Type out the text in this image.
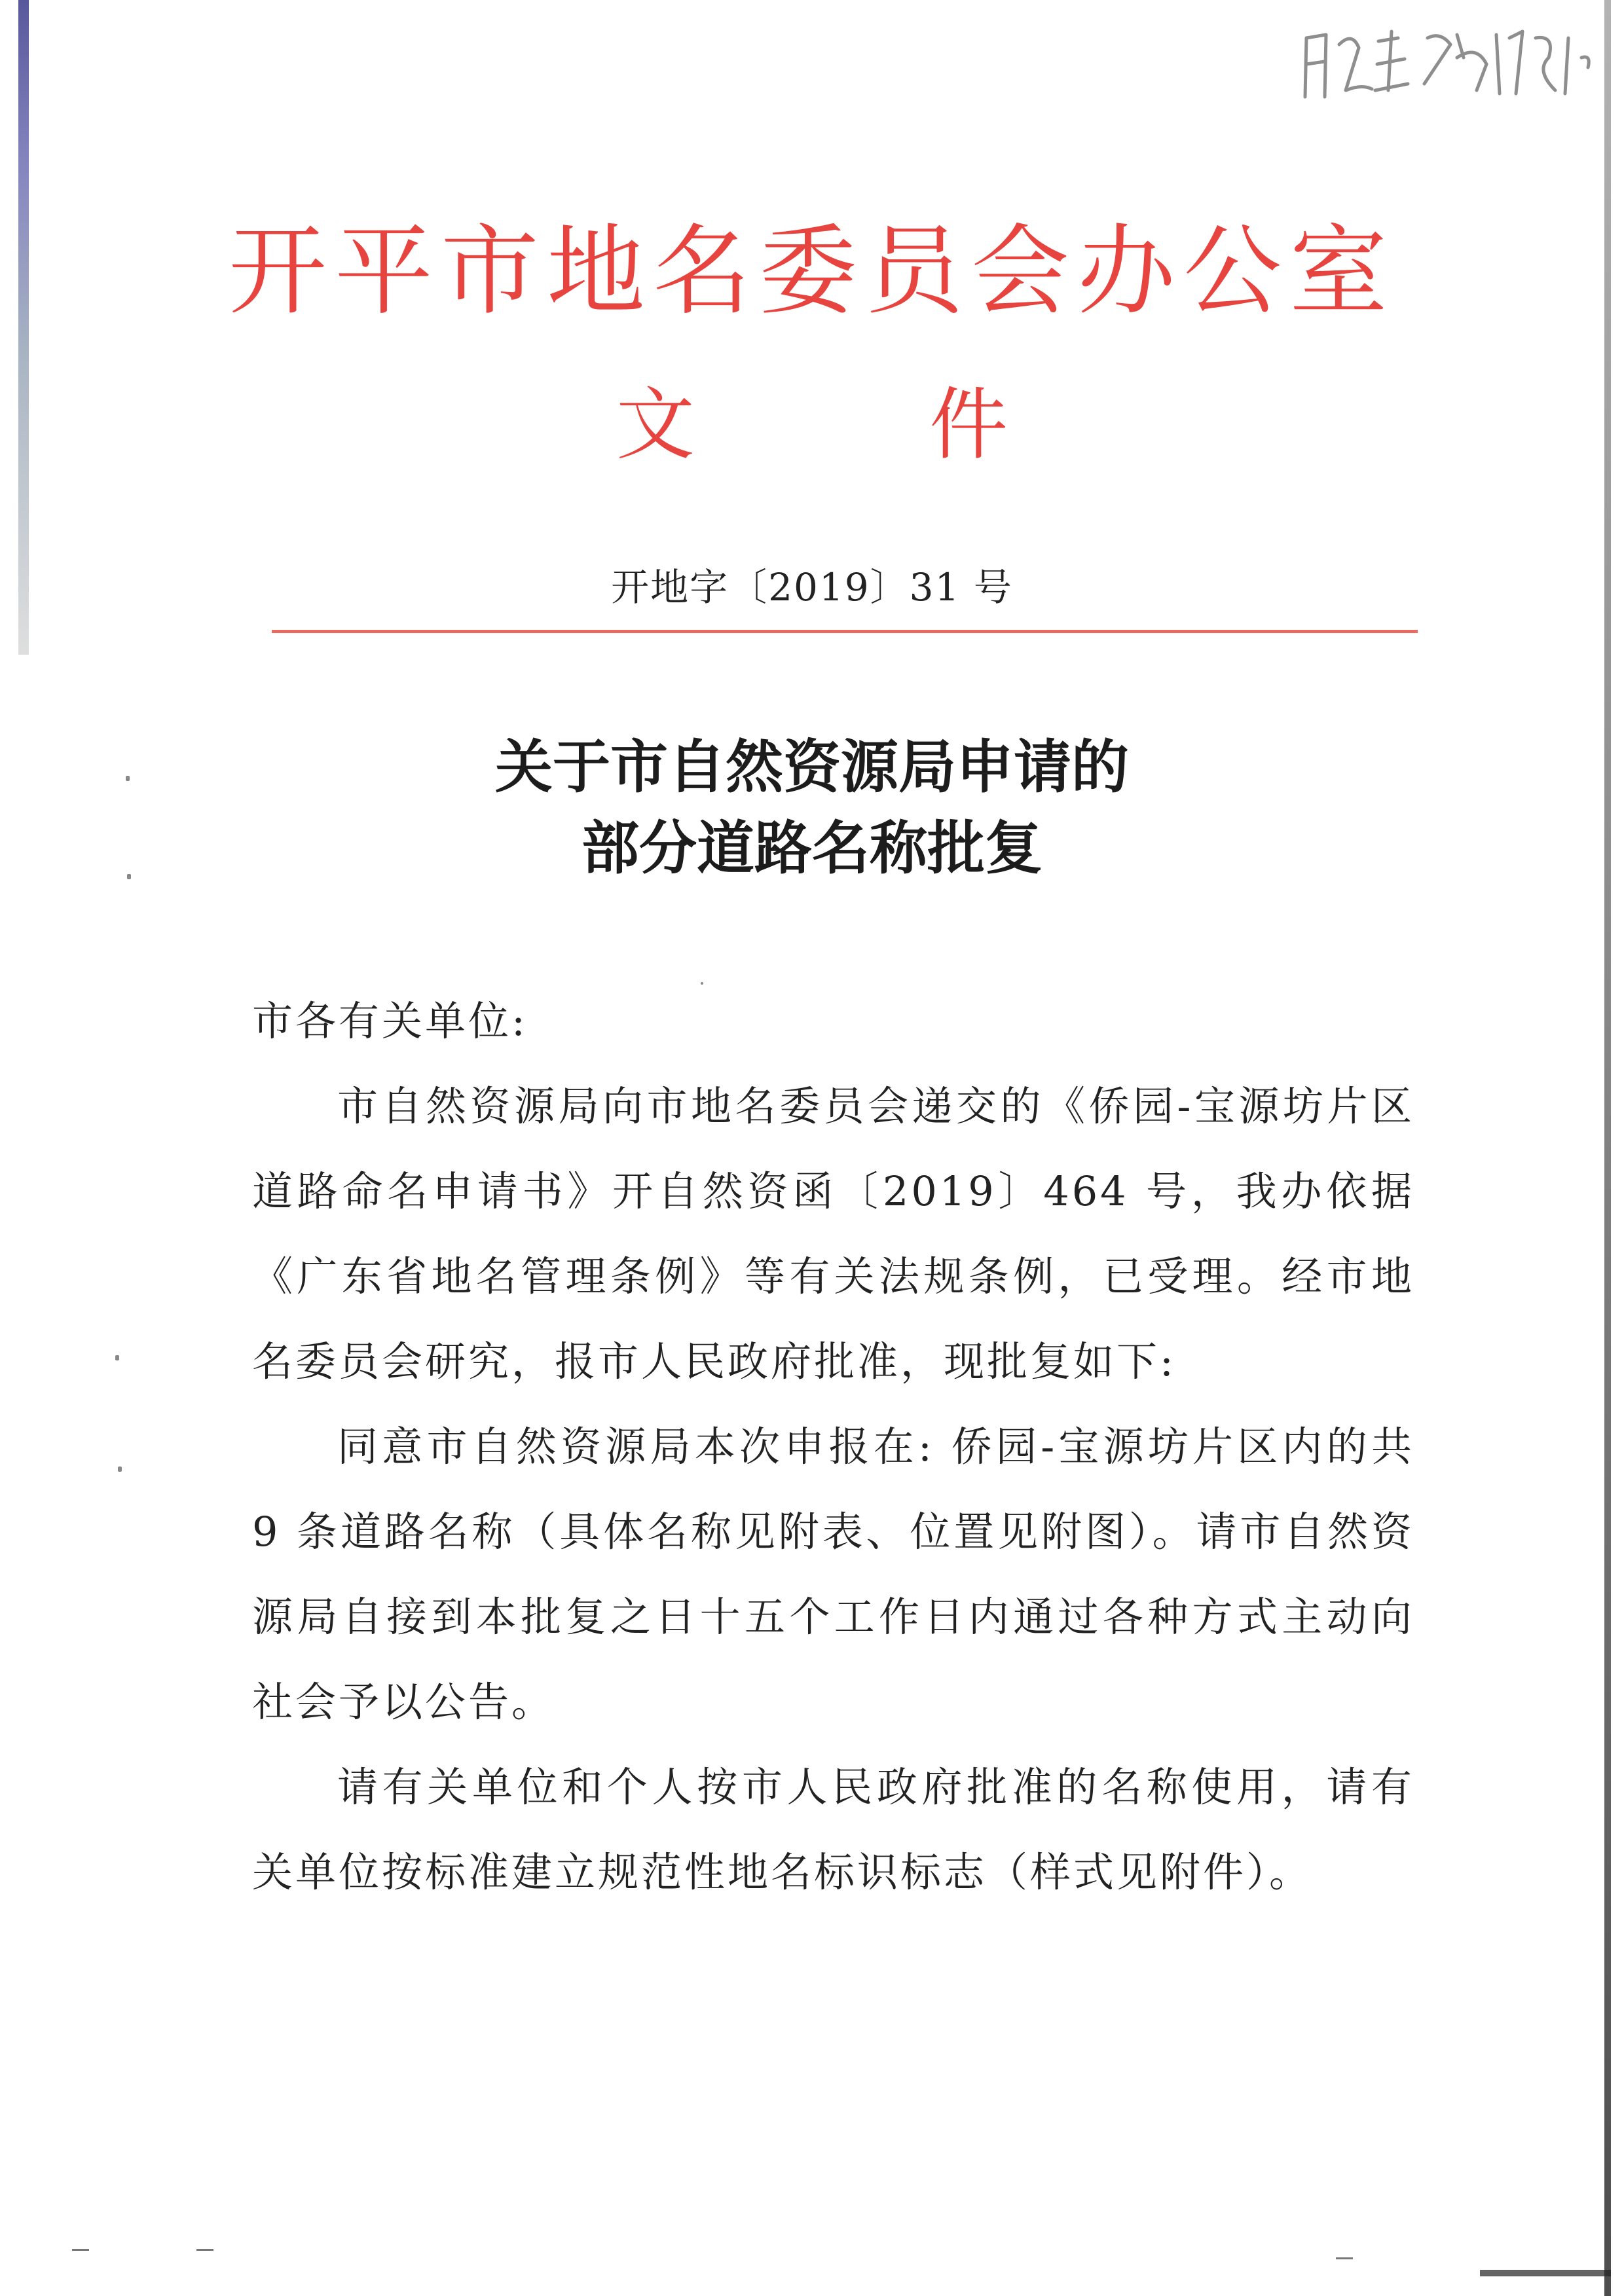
开平市地名委员会办公室
文 件
开地字〔2019〕31 号
关于市自然资源局申请的
部分道路名称批复

市各有关单位:

市自然资源局向市地名委员会递交的《侨园-宝源坊片区道路命名申请书》开自然资函〔2019〕464 号，我办依据《广东省地名管理条例》等有关法规条例，已受理。经市地名委员会研究，报市人民政府批准，现批复如下:

同意市自然资源局本次申报在: 侨园-宝源坊片区内的共 9 条道路名称（具体名称见附表、位置见附图）。请市自然资源局自接到本批复之日十五个工作日内通过各种方式主动向社会予以公告。

请有关单位和个人按市人民政府批准的名称使用，请有关单位按标准建立规范性地名标识标志（样式见附件）。
